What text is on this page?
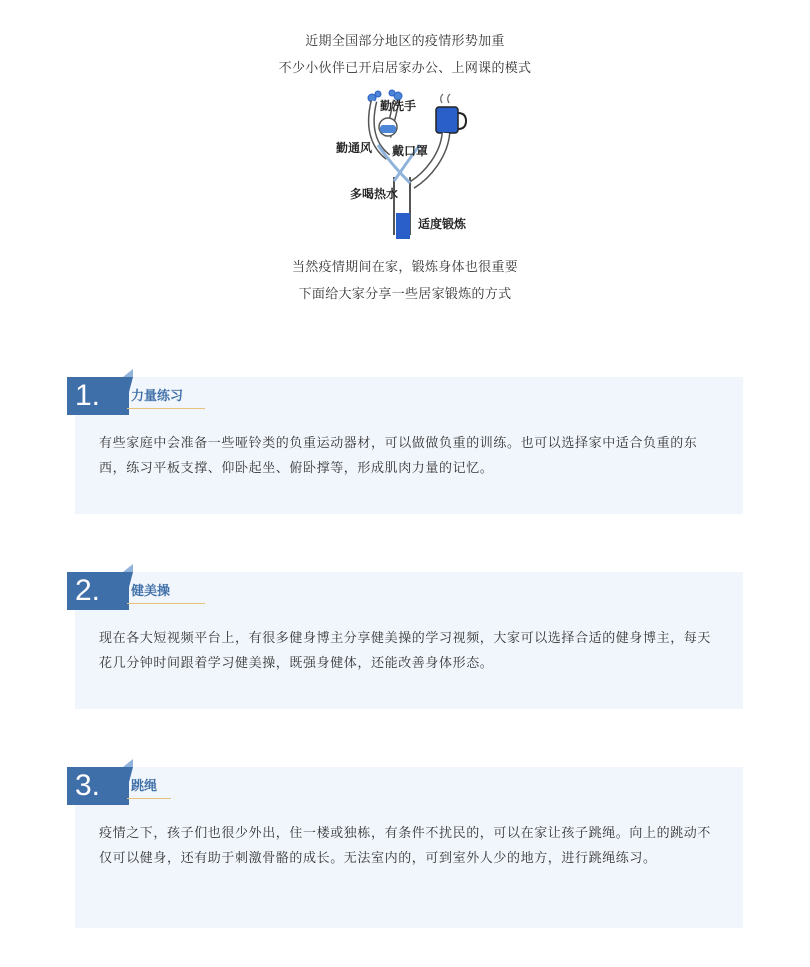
近期全国部分地区的疫情形势加重
不少小伙伴已开启居家办公、上网课的模式
勤洗手
勤通风 戴口罩
多喝热水
适度锻炼
当然疫情期间在家，锻炼身体也很重要
下面给大家分享一些居家锻炼的方式
1.	力量练习
有些家庭中会准备一些哑铃类的负重运动器材，可以做做负重的训练。也可以选择家中适合负重的东西，练习平板支撑、仰卧起坐、俯卧撑等，形成肌肉力量的记忆。
2.	健美操
现在各大短视频平台上，有很多健身博主分享健美操的学习视频，大家可以选择合适的健身博主，每天花几分钟时间跟着学习健美操，既强身健体，还能改善身体形态。
3.	跳绳
疫情之下，孩子们也很少外出，住一楼或独栋，有条件不扰民的，可以在家让孩子跳绳。向上的跳动不仅可以健身，还有助于刺激骨骼的成长。无法室内的，可到室外人少的地方，进行跳绳练习。
